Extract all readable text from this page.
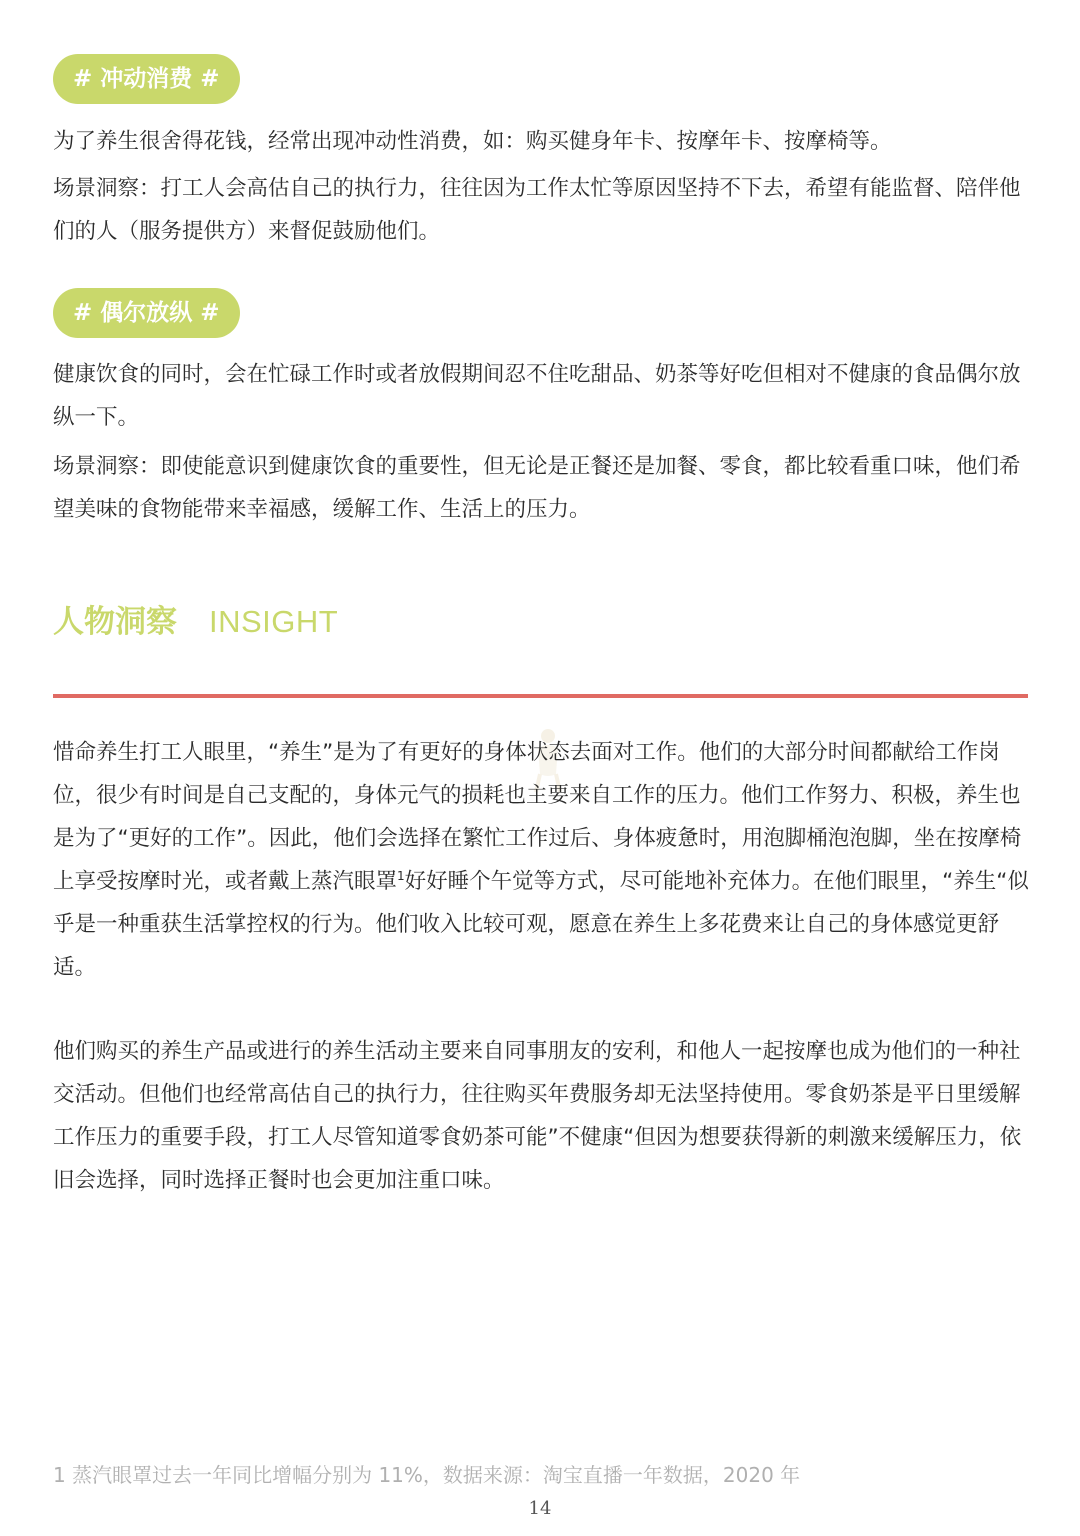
# 冲动消费 #

为了养生很舍得花钱，经常出现冲动性消费，如：购买健身年卡、按摩年卡、按摩椅等。

场景洞察：打工人会高估自己的执行力，往往因为工作太忙等原因坚持不下去，希望有能监督、陪伴他们的人（服务提供方）来督促鼓励他们。

# 偶尔放纵 #

健康饮食的同时，会在忙碌工作时或者放假期间忍不住吃甜品、奶茶等好吃但相对不健康的食品偶尔放纵一下。

场景洞察：即使能意识到健康饮食的重要性，但无论是正餐还是加餐、零食，都比较看重口味，他们希望美味的食物能带来幸福感，缓解工作、生活上的压力。

人物洞察 INSIGHT

惜命养生打工人眼里，“养生”是为了有更好的身体状态去面对工作。他们的大部分时间都献给工作岗位，很少有时间是自己支配的，身体元气的损耗也主要来自工作的压力。他们工作努力、积极，养生也是为了“更好的工作”。因此，他们会选择在繁忙工作过后、身体疲惫时，用泡脚桶泡泡脚，坐在按摩椅上享受按摩时光，或者戴上蒸汽眼罩$^1$好好睡个午觉等方式，尽可能地补充体力。在他们眼里，“养生“似乎是一种重获生活掌控权的行为。他们收入比较可观，愿意在养生上多花费来让自己的身体感觉更舒适。

他们购买的养生产品或进行的养生活动主要来自同事朋友的安利，和他人一起按摩也成为他们的一种社交活动。但他们也经常高估自己的执行力，往往购买年费服务却无法坚持使用。零食奶茶是平日里缓解工作压力的重要手段，打工人尽管知道零食奶茶可能”不健康“但因为想要获得新的刺激来缓解压力，依旧会选择，同时选择正餐时也会更加注重口味。

1 蒸汽眼罩过去一年同比增幅分别为 11%，数据来源：淘宝直播一年数据，2020 年
14
